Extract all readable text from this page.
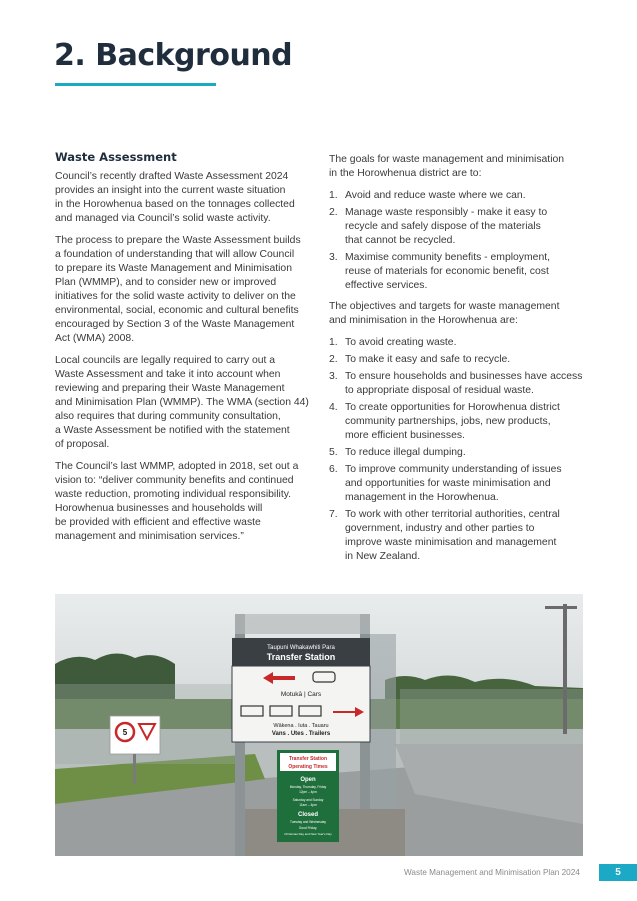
2. Background
Waste Assessment

Council’s recently drafted Waste Assessment 2024
provides an insight into the current waste situation
in the Horowhenua based on the tonnages collected
and managed via Council’s solid waste activity.

The process to prepare the Waste Assessment builds
a foundation of understanding that will allow Council
to prepare its Waste Management and Minimisation
Plan (WMMP), and to consider new or improved
initiatives for the solid waste activity to deliver on the
environmental, social, economic and cultural benefits
encouraged by Section 3 of the Waste Management
Act (WMA) 2008.

Local councils are legally required to carry out a
Waste Assessment and take it into account when
reviewing and preparing their Waste Management
and Minimisation Plan (WMMP). The WMA (section 44)
also requires that during community consultation,
a Waste Assessment be notified with the statement
of proposal.

The Council’s last WMMP, adopted in 2018, set out a
vision to: “deliver community benefits and continued
waste reduction, promoting individual responsibility.
Horowhenua businesses and households will
be provided with efficient and effective waste
management and minimisation services.”

The goals for waste management and minimisation
in the Horowhenua district are to:

1. Avoid and reduce waste where we can.
2. Manage waste responsibly - make it easy to
recycle and safely dispose of the materials
that cannot be recycled.
3. Maximise community benefits - employment,
reuse of materials for economic benefit, cost
effective services.

The objectives and targets for waste management
and minimisation in the Horowhenua are:

1. To avoid creating waste.
2. To make it easy and safe to recycle.
3. To ensure households and businesses have access
to appropriate disposal of residual waste.
4. To create opportunities for Horowhenua district
community partnerships, jobs, new products,
more efficient businesses.
5. To reduce illegal dumping.
6. To improve community understanding of issues
and opportunities for waste minimisation and
management in the Horowhenua.
7. To work with other territorial authorities, central
government, industry and other parties to
improve waste minimisation and management
in New Zealand.
Taupuni Whakawhiti Para
Transfer Station
Motukā | Cars
Wākena . Iuta . Tauaru
Vans . Utes . Trailers
Transfer Station
Operating Times
Open
Monday, Thursday, Friday
12pm – 4pm
Saturday and Sunday
11am – 4pm
Closed
Tuesday and Wednesday
Good Friday,
Christmas Day and New Year's Day
5
Waste Management and Minimisation Plan 2024	5
